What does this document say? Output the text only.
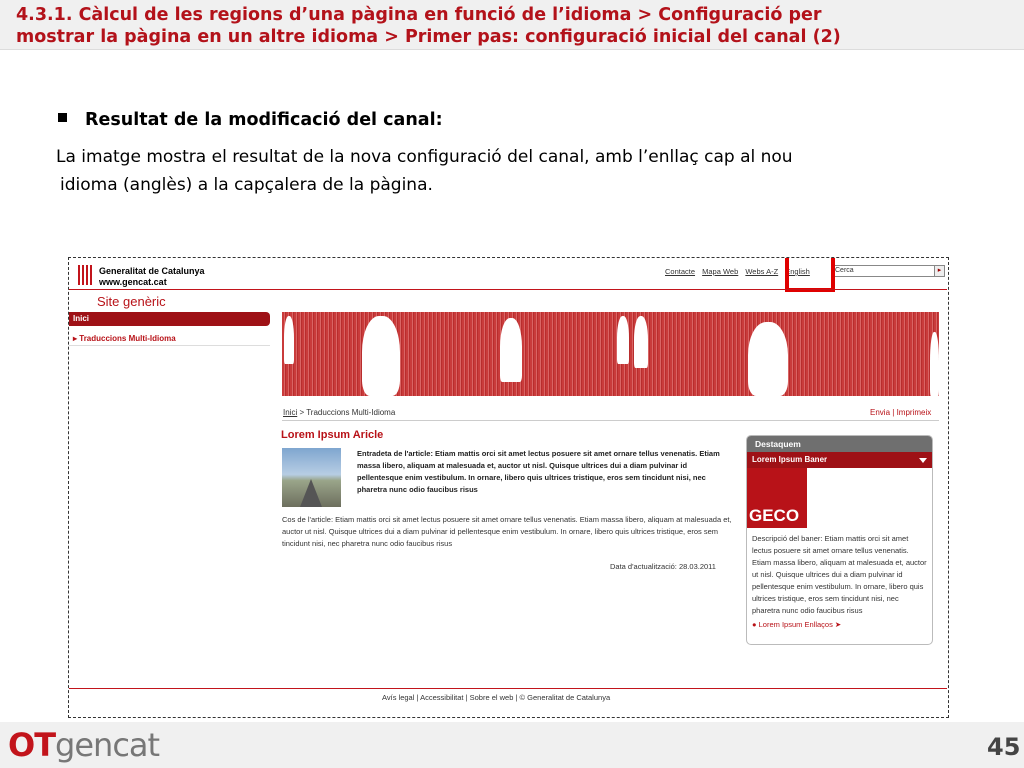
4.3.1. Càlcul de les regions d’una pàgina en funció de l’idioma > Configuració per
mostrar la pàgina en un altre idioma > Primer pas: configuració inicial del canal (2)
Resultat de la modificació del canal:
La imatge mostra el resultat de la nova configuració del canal, amb l’enllaç cap al nou
idioma (anglès) a la capçalera de la pàgina.
Generalitat de Catalunya
www.gencat.cat
Contacte Mapa Web Webs A-Z English	Cerca	▸
Site genèric
Inici
▸ Traduccions Multi-Idioma
Inici > Traduccions Multi-Idioma	Envia | Imprimeix
Lorem Ipsum Aricle
Entradeta de l'article: Etiam mattis orci sit amet lectus posuere sit amet ornare tellus venenatis. Etiam massa libero, aliquam at malesuada et, auctor ut nisl. Quisque ultrices dui a diam pulvinar id pellentesque enim vestibulum. In ornare, libero quis ultrices tristique, eros sem tincidunt nisi, nec pharetra nunc odio faucibus risus
Cos de l'article: Etiam mattis orci sit amet lectus posuere sit amet ornare tellus venenatis. Etiam massa libero, aliquam at malesuada et, auctor ut nisl. Quisque ultrices dui a diam pulvinar id pellentesque enim vestibulum. In ornare, libero quis ultrices tristique, eros sem tincidunt nisi, nec pharetra nunc odio faucibus risus
Data d'actualització: 28.03.2011
Destaquem
Lorem Ipsum Baner
GECO
Descripció del baner: Etiam mattis orci sit amet lectus posuere sit amet ornare tellus venenatis. Etiam massa libero, aliquam at malesuada et, auctor ut nisl. Quisque ultrices dui a diam pulvinar id pellentesque enim vestibulum. In ornare, libero quis ultrices tristique, eros sem tincidunt nisi, nec pharetra nunc odio faucibus risus
● Lorem Ipsum Enllaços ➤
Avís legal | Accessibilitat | Sobre el web | © Generalitat de Catalunya
OTgencat	45
